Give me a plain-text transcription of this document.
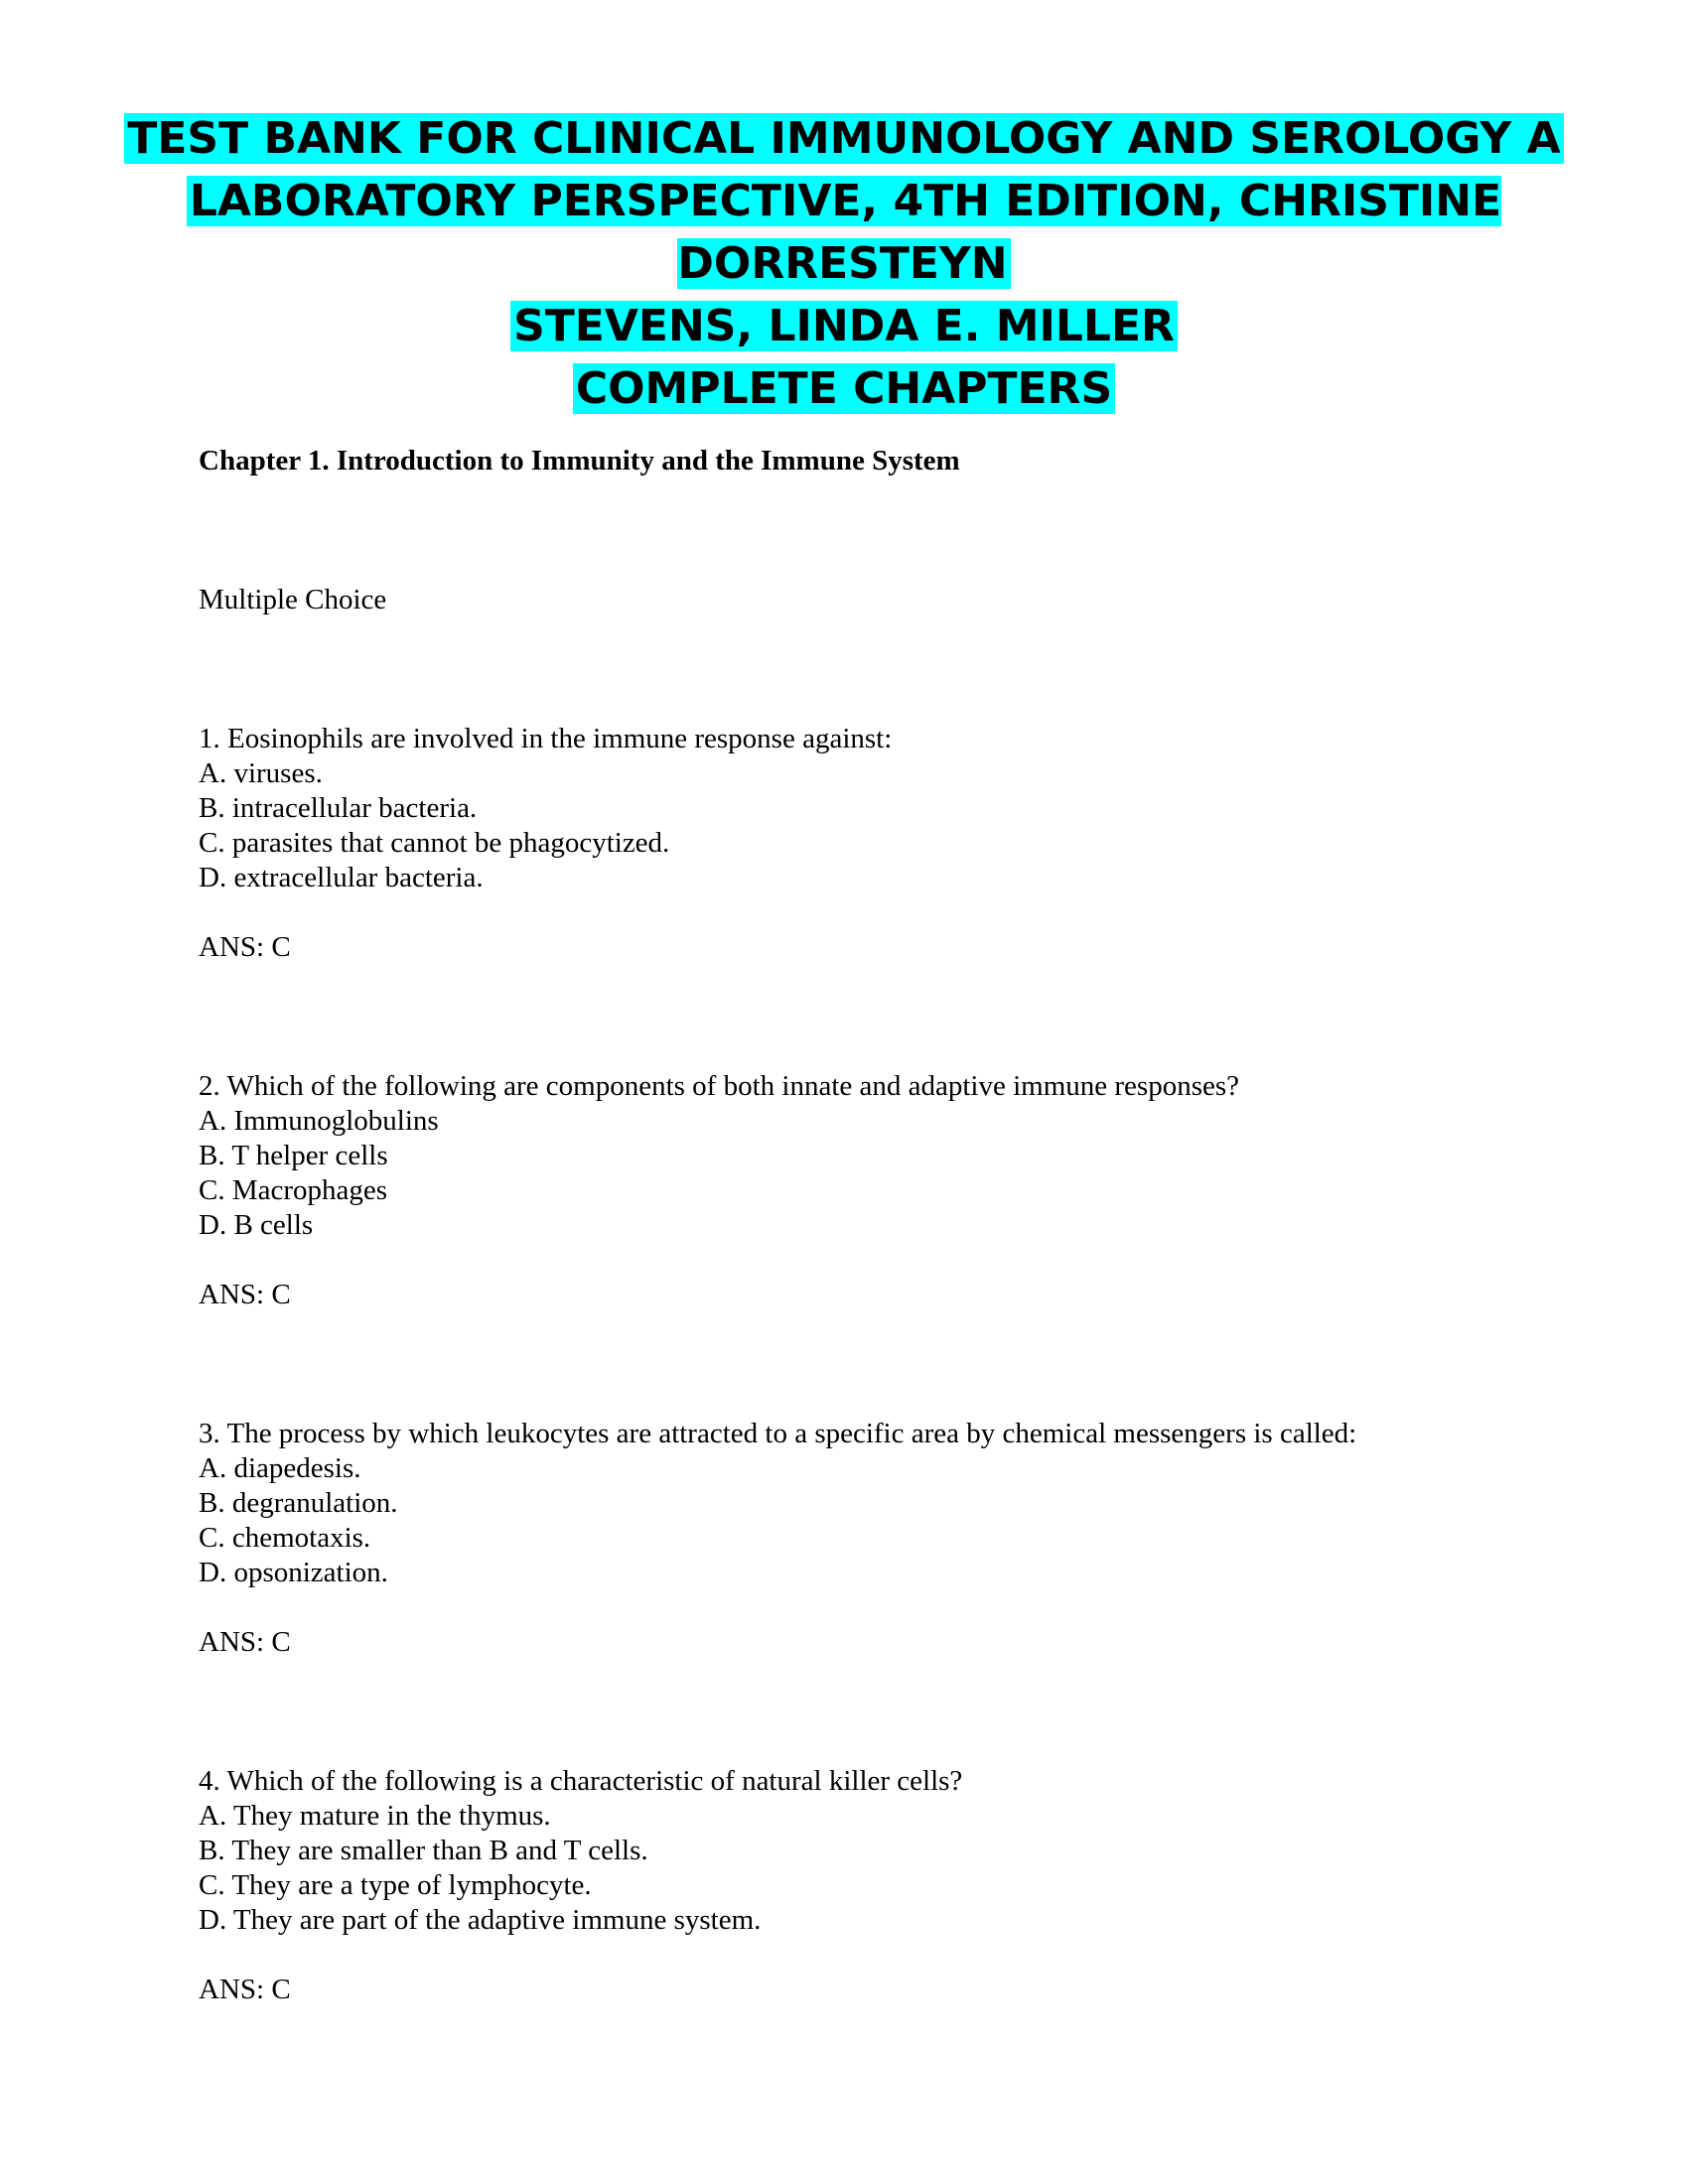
TEST BANK FOR CLINICAL IMMUNOLOGY AND SEROLOGY A
LABORATORY PERSPECTIVE, 4TH EDITION, CHRISTINE DORRESTEYN
STEVENS, LINDA E. MILLER
COMPLETE CHAPTERS
Chapter 1. Introduction to Immunity and the Immune System
Multiple Choice
1. Eosinophils are involved in the immune response against:
A. viruses.
B. intracellular bacteria.
C. parasites that cannot be phagocytized.
D. extracellular bacteria.
ANS: C
2. Which of the following are components of both innate and adaptive immune responses?
A. Immunoglobulins
B. T helper cells
C. Macrophages
D. B cells
ANS: C
3. The process by which leukocytes are attracted to a specific area by chemical messengers is called:
A. diapedesis.
B. degranulation.
C. chemotaxis.
D. opsonization.
ANS: C
4. Which of the following is a characteristic of natural killer cells?
A. They mature in the thymus.
B. They are smaller than B and T cells.
C. They are a type of lymphocyte.
D. They are part of the adaptive immune system.
ANS: C
